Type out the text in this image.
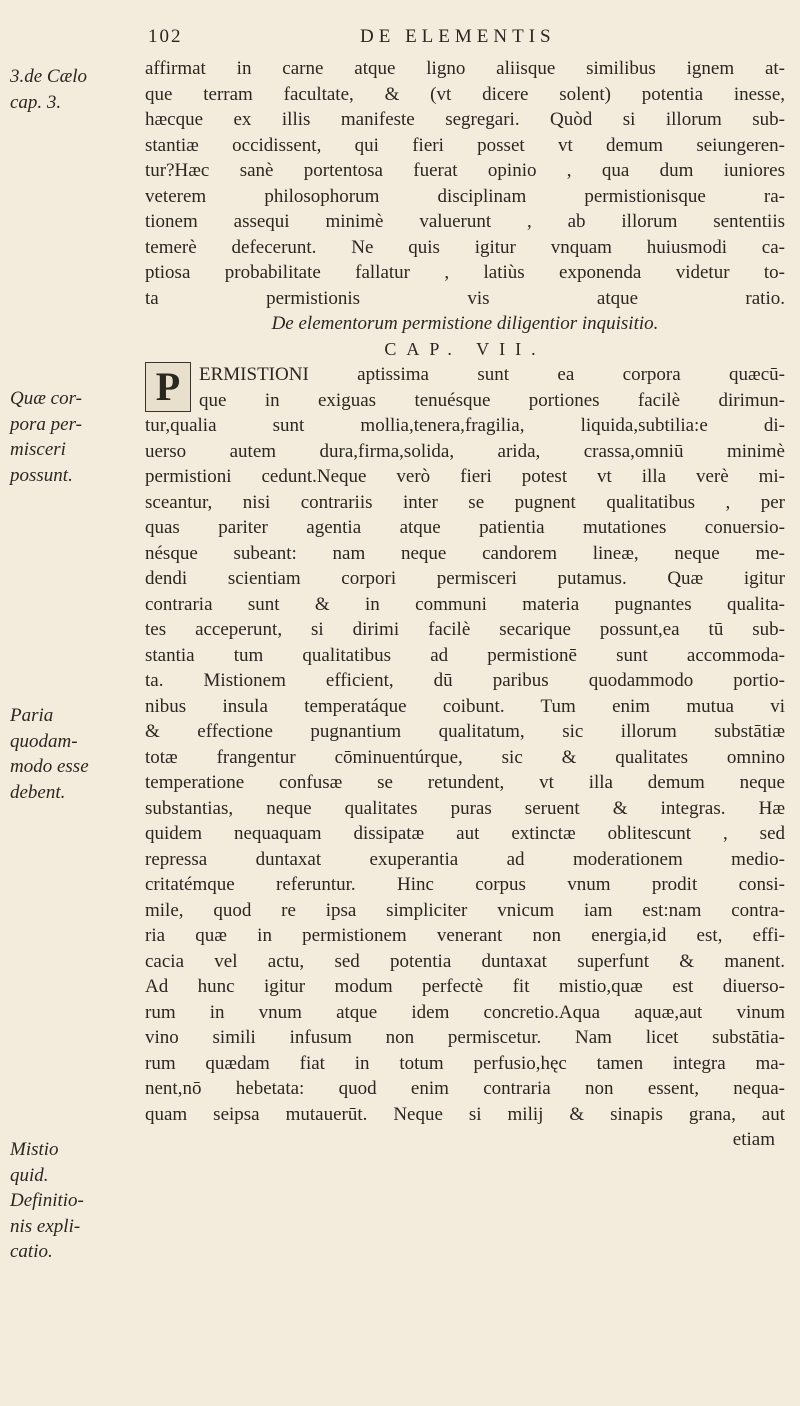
102	DE ELEMENTIS
3.de Cælo
cap. 3.
Quæ cor-
pora per-
misceri
possunt.
Paria
quodam-
modo esse
debent.
Mistio
quid.
Definitio-
nis expli-
catio.
affirmat in carne atque ligno aliisque similibus ignem at-
que terram facultate, & (vt dicere solent) potentia inesse,
hæcque ex illis manifeste segregari. Quòd si illorum sub-
stantiæ occidissent, qui fieri posset vt demum seiungeren-
tur?Hæc sanè portentosa fuerat opinio , qua dum iuniores
veterem philosophorum disciplinam permistionisque ra-
tionem assequi minimè valuerunt , ab illorum sententiis
temerè defecerunt. Ne quis igitur vnquam huiusmodi ca-
ptiosa probabilitate fallatur , latiùs exponenda videtur to-
ta permistionis vis atque ratio.
De elementorum permistione diligentior inquisitio.
CAP. VII.
P ERMISTIONI aptissima sunt ea corpora quæcū-
que in exiguas tenuésque portiones facilè dirimun-
tur,qualia sunt mollia,tenera,fragilia, liquida,subtilia:e di-
uerso autem dura,firma,solida, arida, crassa,omniū minimè
permistioni cedunt.Neque verò fieri potest vt illa verè mi-
sceantur, nisi contrariis inter se pugnent qualitatibus , per
quas pariter agentia atque patientia mutationes conuersio-
nésque subeant: nam neque candorem lineæ, neque me-
dendi scientiam corpori permisceri putamus. Quæ igitur
contraria sunt & in communi materia pugnantes qualita-
tes acceperunt, si dirimi facilè secarique possunt,ea tū sub-
stantia tum qualitatibus ad permistionē sunt accommoda-
ta. Mistionem efficient, dū paribus quodammodo portio-
nibus insula temperatáque coibunt. Tum enim mutua vi
& effectione pugnantium qualitatum, sic illorum substātiæ
totæ frangentur cōminuentúrque, sic & qualitates omnino
temperatione confusæ se retundent, vt illa demum neque
substantias, neque qualitates puras seruent & integras. Hæ
quidem nequaquam dissipatæ aut extinctæ oblitescunt , sed
repressa duntaxat exuperantia ad moderationem medio-
critatémque referuntur. Hinc corpus vnum prodit consi-
mile, quod re ipsa simpliciter vnicum iam est:nam contra-
ria quæ in permistionem venerant non energia,id est, effi-
cacia vel actu, sed potentia duntaxat superfunt & manent.
Ad hunc igitur modum perfectè fit mistio,quæ est diuerso-
rum in vnum atque idem concretio.Aqua aquæ,aut vinum
vino simili infusum non permiscetur. Nam licet substātia-
rum quædam fiat in totum perfusio,hęc tamen integra ma-
nent,nō hebetata: quod enim contraria non essent, nequa-
quam seipsa mutauerūt. Neque si milij & sinapis grana, aut
etiam
